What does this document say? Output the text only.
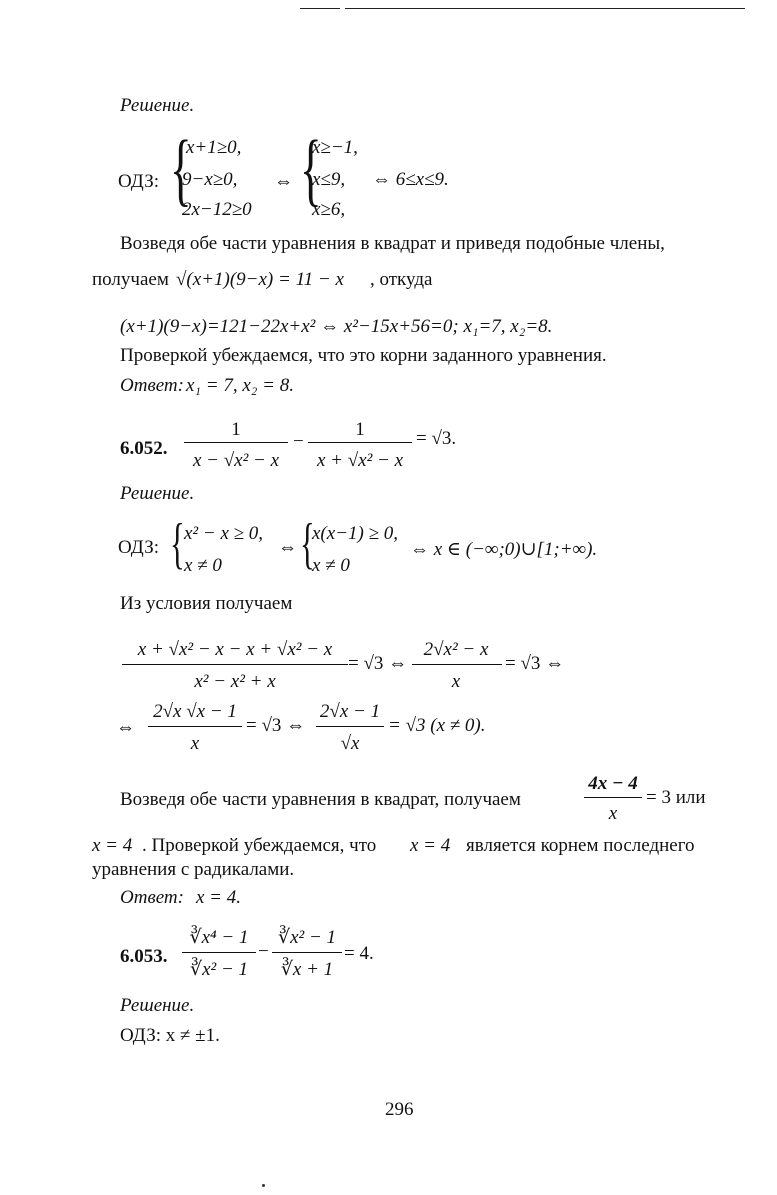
Решение.
ОДЗ: {
x+1≥0,
9−x≥0,
2x−12≥0
⇔ {
x≥−1,
x≤9,
x≥6,
⇔ 6≤x≤9.
Возведя обе части уравнения в квадрат и приведя подобные члены,
получаем √(x+1)(9−x) = 11 − x , откуда
(x+1)(9−x)=121−22x+x² ⇔ x²−15x+56=0; x₁=7, x₂=8.
Проверкой убеждаемся, что это корни заданного уравнения.
Ответ: x₁ = 7, x₂ = 8.
6.052.
1
x − √x² − x
−
1
x + √x² − x
= √3.
Решение.
ОДЗ: { x² − x ≥ 0,
x ≠ 0
⇔ {
x(x−1) ≥ 0,
x ≠ 0
⇔ x ∈ (−∞;0)∪[1;+∞).
Из условия получаем
x + √x² − x − x + √x² − x
x² − x² + x
= √3 ⇔
2√x² − x
x
= √3 ⇔
⇔
2√x √x − 1
x
= √3 ⇔
2√x − 1
√x
= √3 (x ≠ 0).
Возведя обе части уравнения в квадрат, получаем
4x − 4
x
= 3 или
x = 4 . Проверкой убеждаемся, что x = 4 является корнем последнего
уравнения с радикалами.
Ответ: x = 4.
6.053.
∛x⁴ − 1
∛x² − 1
−
∛x² − 1
∛x + 1
= 4.
Решение.
ОДЗ: x ≠ ±1.
296
